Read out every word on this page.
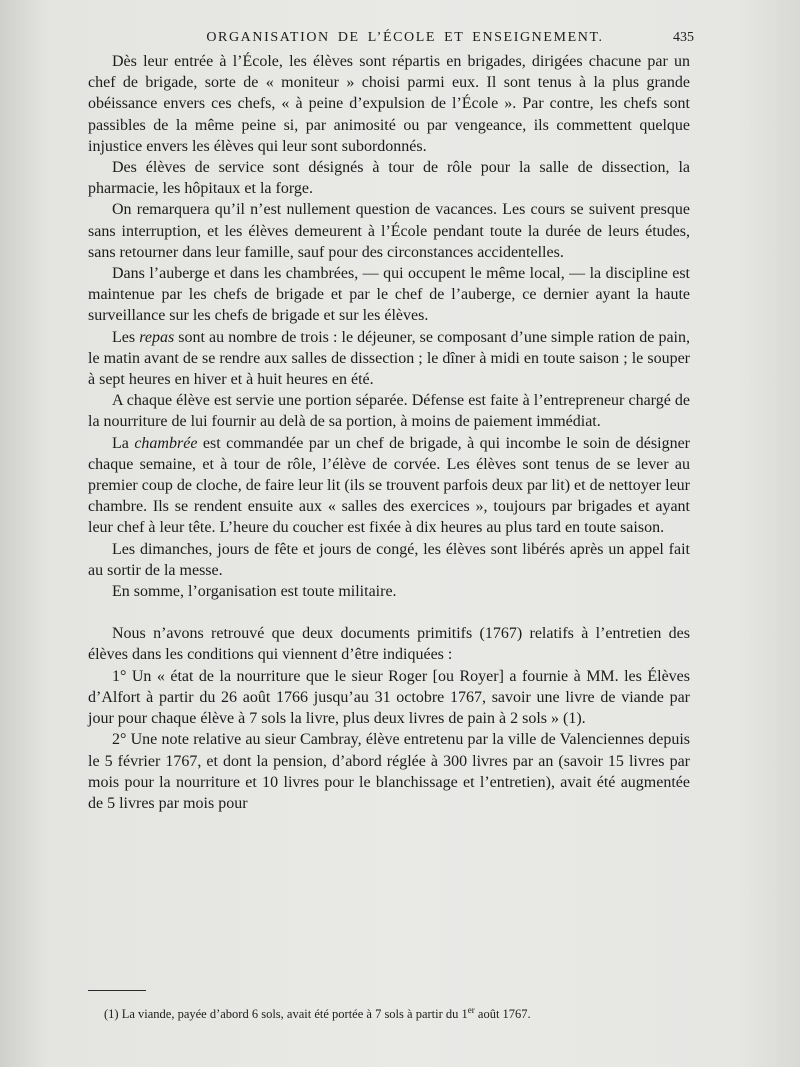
ORGANISATION DE L’ÉCOLE ET ENSEIGNEMENT.	435

Dès leur entrée à l’École, les élèves sont répartis en brigades, dirigées chacune par un chef de brigade, sorte de « moniteur » choisi parmi eux. Il sont tenus à la plus grande obéissance envers ces chefs, « à peine d’expulsion de l’École ». Par contre, les chefs sont passibles de la même peine si, par animosité ou par vengeance, ils commettent quelque injustice envers les élèves qui leur sont subordonnés.

Des élèves de service sont désignés à tour de rôle pour la salle de dissection, la pharmacie, les hôpitaux et la forge.

On remarquera qu’il n’est nullement question de vacances. Les cours se suivent presque sans interruption, et les élèves demeurent à l’École pendant toute la durée de leurs études, sans retourner dans leur famille, sauf pour des circonstances accidentelles.

Dans l’auberge et dans les chambrées, — qui occupent le même local, — la discipline est maintenue par les chefs de brigade et par le chef de l’auberge, ce dernier ayant la haute surveillance sur les chefs de brigade et sur les élèves.

Les repas sont au nombre de trois : le déjeuner, se composant d’une simple ration de pain, le matin avant de se rendre aux salles de dissection ; le dîner à midi en toute saison ; le souper à sept heures en hiver et à huit heures en été.

A chaque élève est servie une portion séparée. Défense est faite à l’entrepreneur chargé de la nourriture de lui fournir au delà de sa portion, à moins de paiement immédiat.

La chambrée est commandée par un chef de brigade, à qui incombe le soin de désigner chaque semaine, et à tour de rôle, l’élève de corvée. Les élèves sont tenus de se lever au premier coup de cloche, de faire leur lit (ils se trouvent parfois deux par lit) et de nettoyer leur chambre. Ils se rendent ensuite aux « salles des exercices », toujours par brigades et ayant leur chef à leur tête. L’heure du coucher est fixée à dix heures au plus tard en toute saison.

Les dimanches, jours de fête et jours de congé, les élèves sont libérés après un appel fait au sortir de la messe.

En somme, l’organisation est toute militaire.

Nous n’avons retrouvé que deux documents primitifs (1767) relatifs à l’entretien des élèves dans les conditions qui viennent d’être indiquées :

1° Un « état de la nourriture que le sieur Roger [ou Royer] a fournie à MM. les Élèves d’Alfort à partir du 26 août 1766 jusqu’au 31 octobre 1767, savoir une livre de viande par jour pour chaque élève à 7 sols la livre, plus deux livres de pain à 2 sols » (1).

2° Une note relative au sieur Cambray, élève entretenu par la ville de Valenciennes depuis le 5 février 1767, et dont la pension, d’abord réglée à 300 livres par an (savoir 15 livres par mois pour la nourriture et 10 livres pour le blanchissage et l’entretien), avait été augmentée de 5 livres par mois pour

(1) La viande, payée d’abord 6 sols, avait été portée à 7 sols à partir du 1er août 1767.
